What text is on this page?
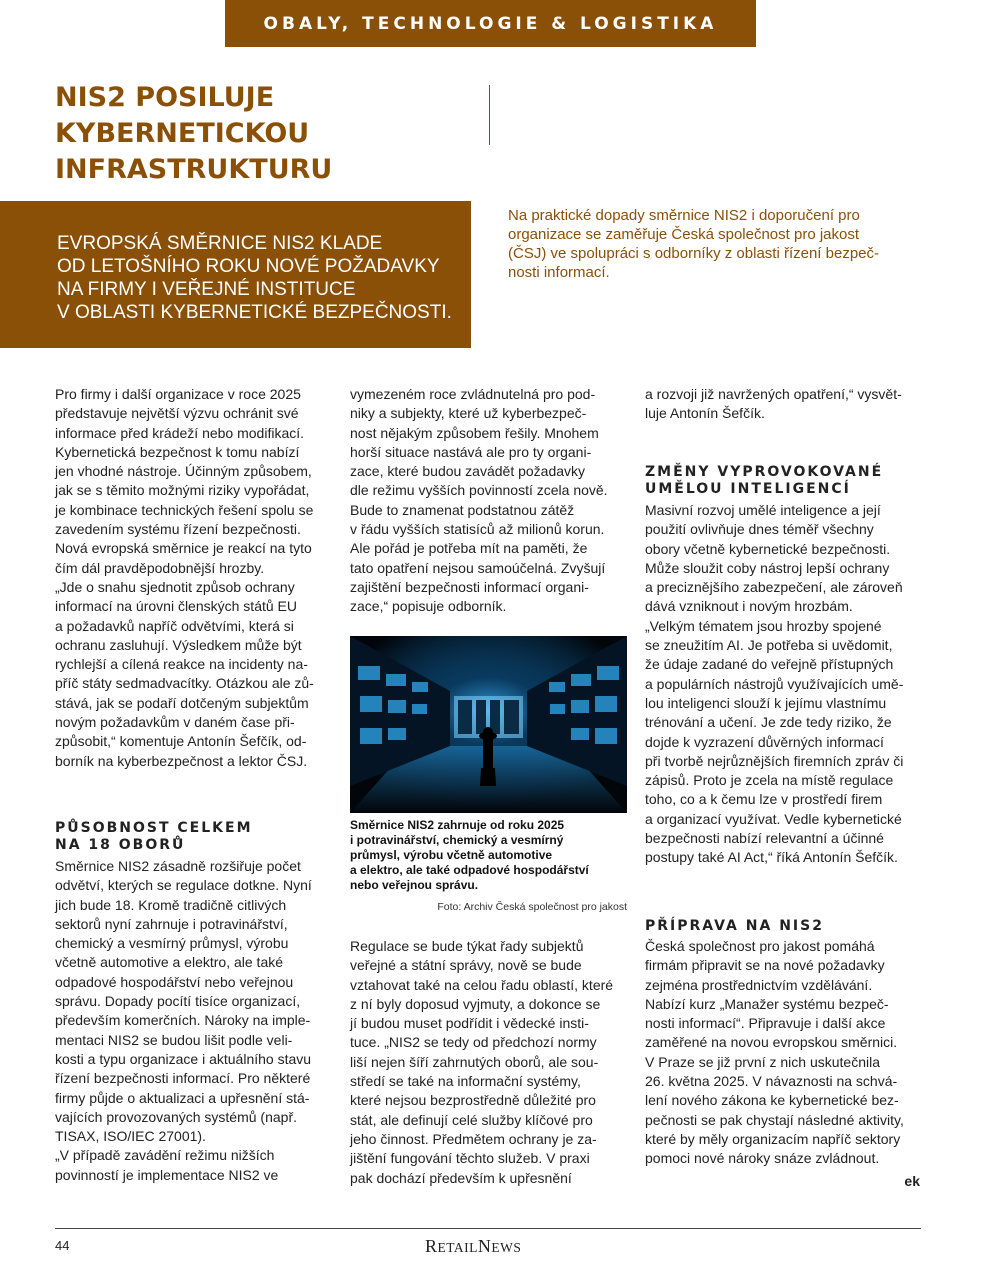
OBALY, TECHNOLOGIE & LOGISTIKA
NIS2 POSILUJE KYBERNETICKOU INFRASTRUKTURU
EVROPSKÁ SMĚRNICE NIS2 KLADE
OD LETOŠNÍHO ROKU NOVÉ POŽADAVKY
NA FIRMY I VEŘEJNÉ INSTITUCE
V OBLASTI KYBERNETICKÉ BEZPEČNOSTI.
Na praktické dopady směrnice NIS2 i doporučení pro
organizace se zaměřuje Česká společnost pro jakost
(ČSJ) ve spolupráci s odborníky z oblasti řízení bezpeč-
nosti informací.

Pro firmy i další organizace v roce 2025
představuje největší výzvu ochránit své
informace před krádeží nebo modifikací.
Kybernetická bezpečnost k tomu nabízí
jen vhodné nástroje. Účinným způsobem,
jak se s těmito možnými riziky vypořádat,
je kombinace technických řešení spolu se
zavedením systému řízení bezpečnosti.
Nová evropská směrnice je reakcí na tyto
čím dál pravděpodobnější hrozby.
„Jde o snahu sjednotit způsob ochrany
informací na úrovni členských států EU
a požadavků napříč odvětvími, která si
ochranu zasluhují. Výsledkem může být
rychlejší a cílená reakce na incidenty na-
příč státy sedmadvacítky. Otázkou ale zů-
stává, jak se podaří dotčeným subjektům
novým požadavkům v daném čase při-
způsobit,“ komentuje Antonín Šefčík, od-
borník na kyberbezpečnost a lektor ČSJ.

PŮSOBNOST CELKEM
NA 18 OBORŮ

Směrnice NIS2 zásadně rozšiřuje počet
odvětví, kterých se regulace dotkne. Nyní
jich bude 18. Kromě tradičně citlivých
sektorů nyní zahrnuje i potravinářství,
chemický a vesmírný průmysl, výrobu
včetně automotive a elektro, ale také
odpadové hospodářství nebo veřejnou
správu. Dopady pocítí tisíce organizací,
především komerčních. Nároky na imple-
mentaci NIS2 se budou lišit podle veli-
kosti a typu organizace i aktuálního stavu
řízení bezpečnosti informací. Pro některé
firmy půjde o aktualizaci a upřesnění stá-
vajících provozovaných systémů (např.
TISAX, ISO/IEC 27001).
„V případě zavádění režimu nižších
povinností je implementace NIS2 ve

vymezeném roce zvládnutelná pro pod-
niky a subjekty, které už kyberbezpeč-
nost nějakým způsobem řešily. Mnohem
horší situace nastává ale pro ty organi-
zace, které budou zavádět požadavky
dle režimu vyšších povinností zcela nově.
Bude to znamenat podstatnou zátěž
v řádu vyšších statisíců až milionů korun.
Ale pořád je potřeba mít na paměti, že
tato opatření nejsou samoúčelná. Zvyšují
zajištění bezpečnosti informací organi-
zace,“ popisuje odborník.

Směrnice NIS2 zahrnuje od roku 2025
i potravinářství, chemický a vesmírný
průmysl, výrobu včetně automotive
a elektro, ale také odpadové hospodářství
nebo veřejnou správu.
Foto: Archiv Česká společnost pro jakost

Regulace se bude týkat řady subjektů
veřejné a státní správy, nově se bude
vztahovat také na celou řadu oblastí, které
z ní byly doposud vyjmuty, a dokonce se
jí budou muset podřídit i vědecké insti-
tuce. „NIS2 se tedy od předchozí normy
liší nejen šíří zahrnutých oborů, ale sou-
středí se také na informační systémy,
které nejsou bezprostředně důležité pro
stát, ale definují celé služby klíčové pro
jeho činnost. Předmětem ochrany je za-
jištění fungování těchto služeb. V praxi
pak dochází především k upřesnění

a rozvoji již navržených opatření,“ vysvět-
luje Antonín Šefčík.

ZMĚNY VYPROVOKOVANÉ
UMĚLOU INTELIGENCÍ

Masivní rozvoj umělé inteligence a její
použití ovlivňuje dnes téměř všechny
obory včetně kybernetické bezpečnosti.
Může sloužit coby nástroj lepší ochrany
a preciznějšího zabezpečení, ale zároveň
dává vzniknout i novým hrozbám.
„Velkým tématem jsou hrozby spojené
se zneužitím AI. Je potřeba si uvědomit,
že údaje zadané do veřejně přístupných
a populárních nástrojů využívajících umě-
lou inteligenci slouží k jejímu vlastnímu
trénování a učení. Je zde tedy riziko, že
dojde k vyzrazení důvěrných informací
při tvorbě nejrůznějších firemních zpráv či
zápisů. Proto je zcela na místě regulace
toho, co a k čemu lze v prostředí firem
a organizací využívat. Vedle kybernetické
bezpečnosti nabízí relevantní a účinné
postupy také AI Act,“ říká Antonín Šefčík.

PŘÍPRAVA NA NIS2

Česká společnost pro jakost pomáhá
firmám připravit se na nové požadavky
zejména prostřednictvím vzdělávání.
Nabízí kurz „Manažer systému bezpeč-
nosti informací“. Připravuje i další akce
zaměřené na novou evropskou směrnici.
V Praze se již první z nich uskutečnila
26. května 2025. V návaznosti na schvá-
lení nového zákona ke kybernetické bez-
pečnosti se pak chystají následné aktivity,
které by měly organizacím napříč sektory
pomoci nové nároky snáze zvládnout.

ek
44	RETAILNEWS
